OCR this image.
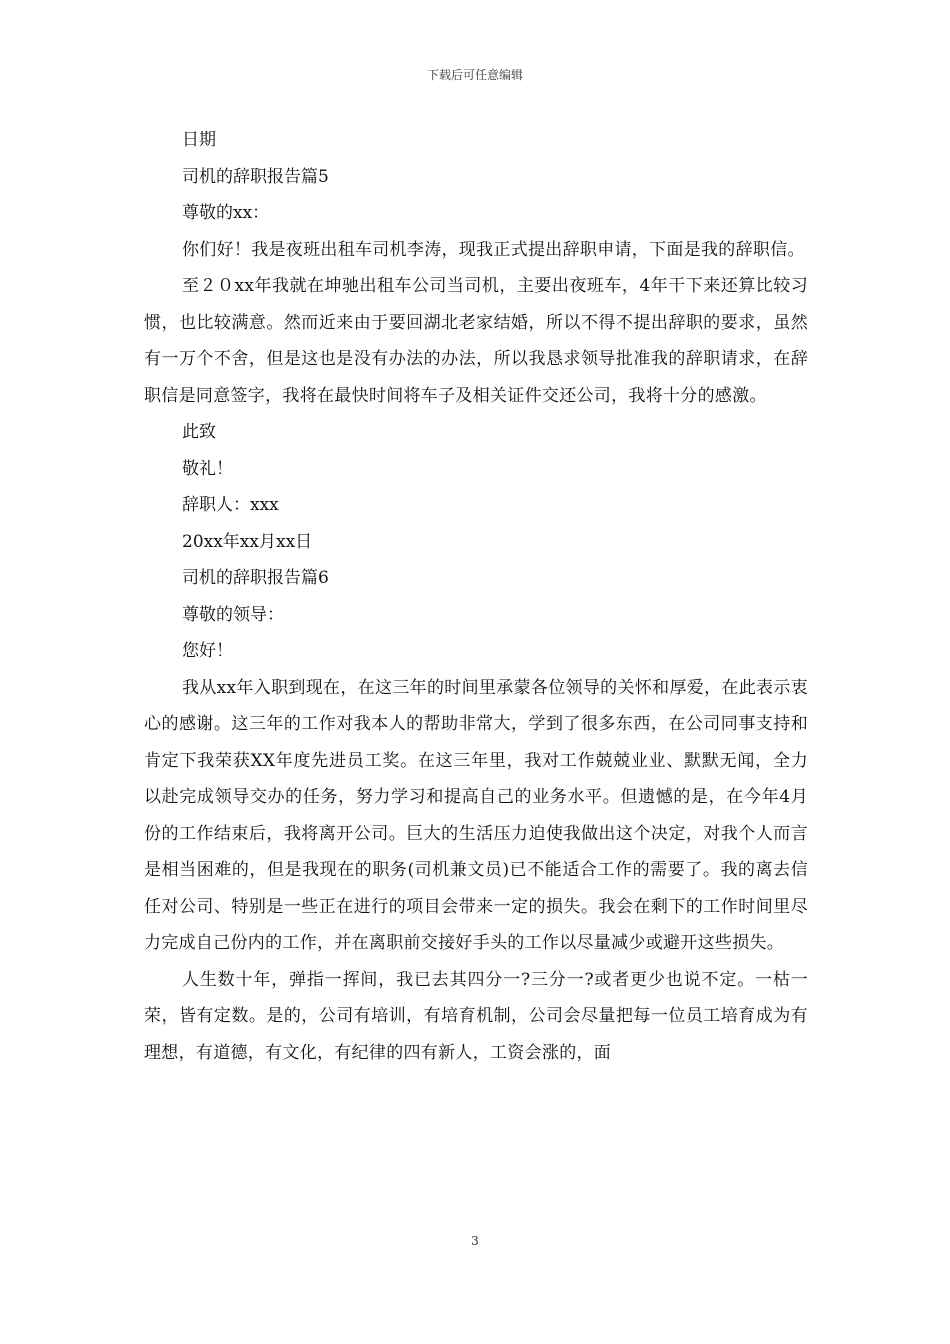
下载后可任意编辑
日期
司机的辞职报告篇5
尊敬的xx：
你们好！我是夜班出租车司机李涛，现我正式提出辞职申请，下面是我的辞职信。
至２０xx年我就在坤驰出租车公司当司机，主要出夜班车，4年干下来还算比较习惯，也比较满意。然而近来由于要回湖北老家结婚，所以不得不提出辞职的要求，虽然有一万个不舍，但是这也是没有办法的办法，所以我恳求领导批准我的辞职请求，在辞职信是同意签字，我将在最快时间将车子及相关证件交还公司，我将十分的感激。
此致
敬礼！
辞职人：xxx
20xx年xx月xx日
司机的辞职报告篇6
尊敬的领导：
您好！
我从xx年入职到现在，在这三年的时间里承蒙各位领导的关怀和厚爱，在此表示衷心的感谢。这三年的工作对我本人的帮助非常大，学到了很多东西，在公司同事支持和肯定下我荣获XX年度先进员工奖。在这三年里，我对工作兢兢业业、默默无闻，全力以赴完成领导交办的任务，努力学习和提高自己的业务水平。但遗憾的是，在今年4月份的工作结束后，我将离开公司。巨大的生活压力迫使我做出这个决定，对我个人而言是相当困难的，但是我现在的职务(司机兼文员)已不能适合工作的需要了。我的离去信任对公司、特别是一些正在进行的项目会带来一定的损失。我会在剩下的工作时间里尽力完成自己份内的工作，并在离职前交接好手头的工作以尽量减少或避开这些损失。
人生数十年，弹指一挥间，我已去其四分一?三分一?或者更少也说不定。一枯一荣，皆有定数。是的，公司有培训，有培育机制，公司会尽量把每一位员工培育成为有理想，有道德，有文化，有纪律的四有新人，工资会涨的，面
3
